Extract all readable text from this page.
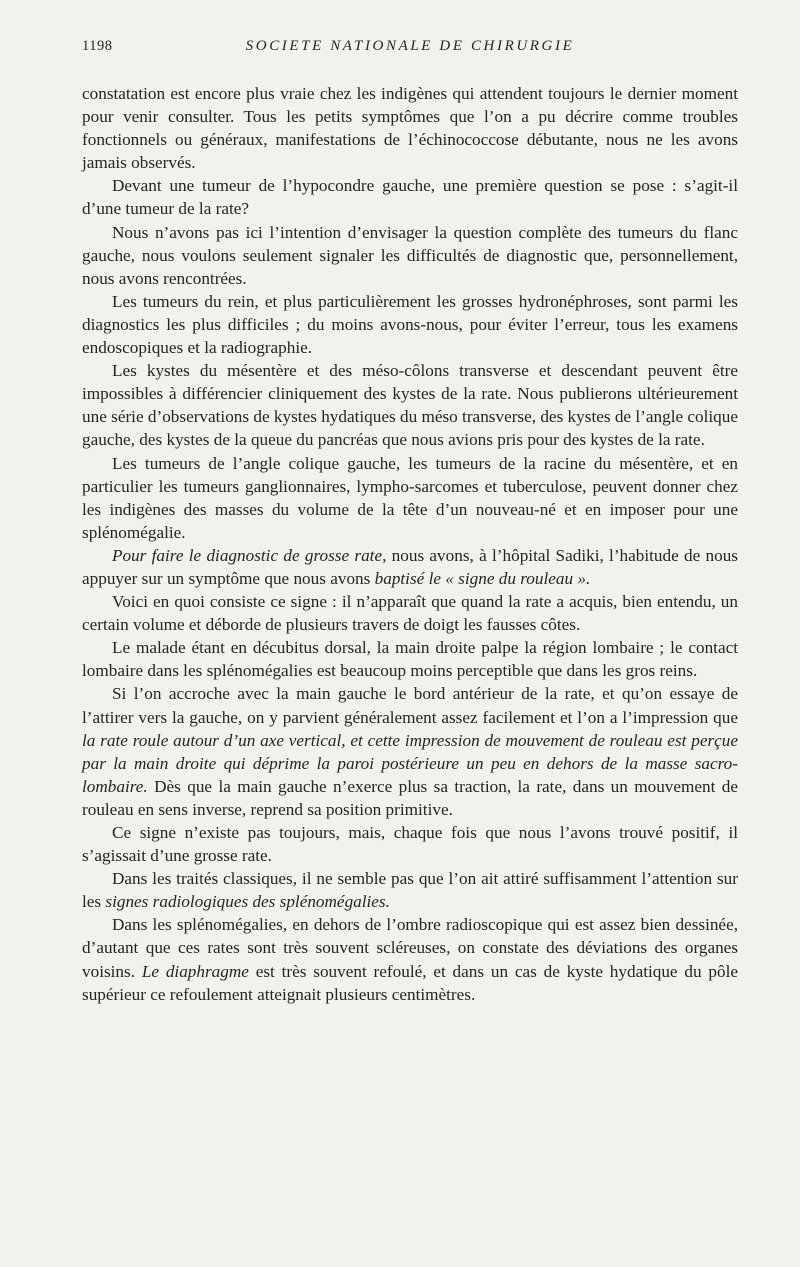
1198	SOCIETE NATIONALE DE CHIRURGIE

constatation est encore plus vraie chez les indigènes qui attendent toujours le dernier moment pour venir consulter. Tous les petits symptômes que l’on a pu décrire comme troubles fonctionnels ou généraux, manifestations de l’échinococcose débutante, nous ne les avons jamais observés.

Devant une tumeur de l’hypocondre gauche, une première question se pose : s’agit-il d’une tumeur de la rate?

Nous n’avons pas ici l’intention d’envisager la question complète des tumeurs du flanc gauche, nous voulons seulement signaler les difficultés de diagnostic que, personnellement, nous avons rencontrées.

Les tumeurs du rein, et plus particulièrement les grosses hydronéphroses, sont parmi les diagnostics les plus difficiles ; du moins avons-nous, pour éviter l’erreur, tous les examens endoscopiques et la radiographie.

Les kystes du mésentère et des méso-côlons transverse et descendant peuvent être impossibles à différencier cliniquement des kystes de la rate. Nous publierons ultérieurement une série d’observations de kystes hydatiques du méso transverse, des kystes de l’angle colique gauche, des kystes de la queue du pancréas que nous avions pris pour des kystes de la rate.

Les tumeurs de l’angle colique gauche, les tumeurs de la racine du mésentère, et en particulier les tumeurs ganglionnaires, lympho-sarcomes et tuberculose, peuvent donner chez les indigènes des masses du volume de la tête d’un nouveau-né et en imposer pour une splénomégalie.

Pour faire le diagnostic de grosse rate, nous avons, à l’hôpital Sadiki, l’habitude de nous appuyer sur un symptôme que nous avons baptisé le « signe du rouleau ».

Voici en quoi consiste ce signe : il n’apparaît que quand la rate a acquis, bien entendu, un certain volume et déborde de plusieurs travers de doigt les fausses côtes.

Le malade étant en décubitus dorsal, la main droite palpe la région lombaire ; le contact lombaire dans les splénomégalies est beaucoup moins perceptible que dans les gros reins.

Si l’on accroche avec la main gauche le bord antérieur de la rate, et qu’on essaye de l’attirer vers la gauche, on y parvient généralement assez facilement et l’on a l’impression que la rate roule autour d’un axe vertical, et cette impression de mouvement de rouleau est perçue par la main droite qui déprime la paroi postérieure un peu en dehors de la masse sacro-lombaire. Dès que la main gauche n’exerce plus sa traction, la rate, dans un mouvement de rouleau en sens inverse, reprend sa position primitive.

Ce signe n’existe pas toujours, mais, chaque fois que nous l’avons trouvé positif, il s’agissait d’une grosse rate.

Dans les traités classiques, il ne semble pas que l’on ait attiré suffisamment l’attention sur les signes radiologiques des splénomégalies.

Dans les splénomégalies, en dehors de l’ombre radioscopique qui est assez bien dessinée, d’autant que ces rates sont très souvent scléreuses, on constate des déviations des organes voisins. Le diaphragme est très souvent refoulé, et dans un cas de kyste hydatique du pôle supérieur ce refoulement atteignait plusieurs centimètres.
